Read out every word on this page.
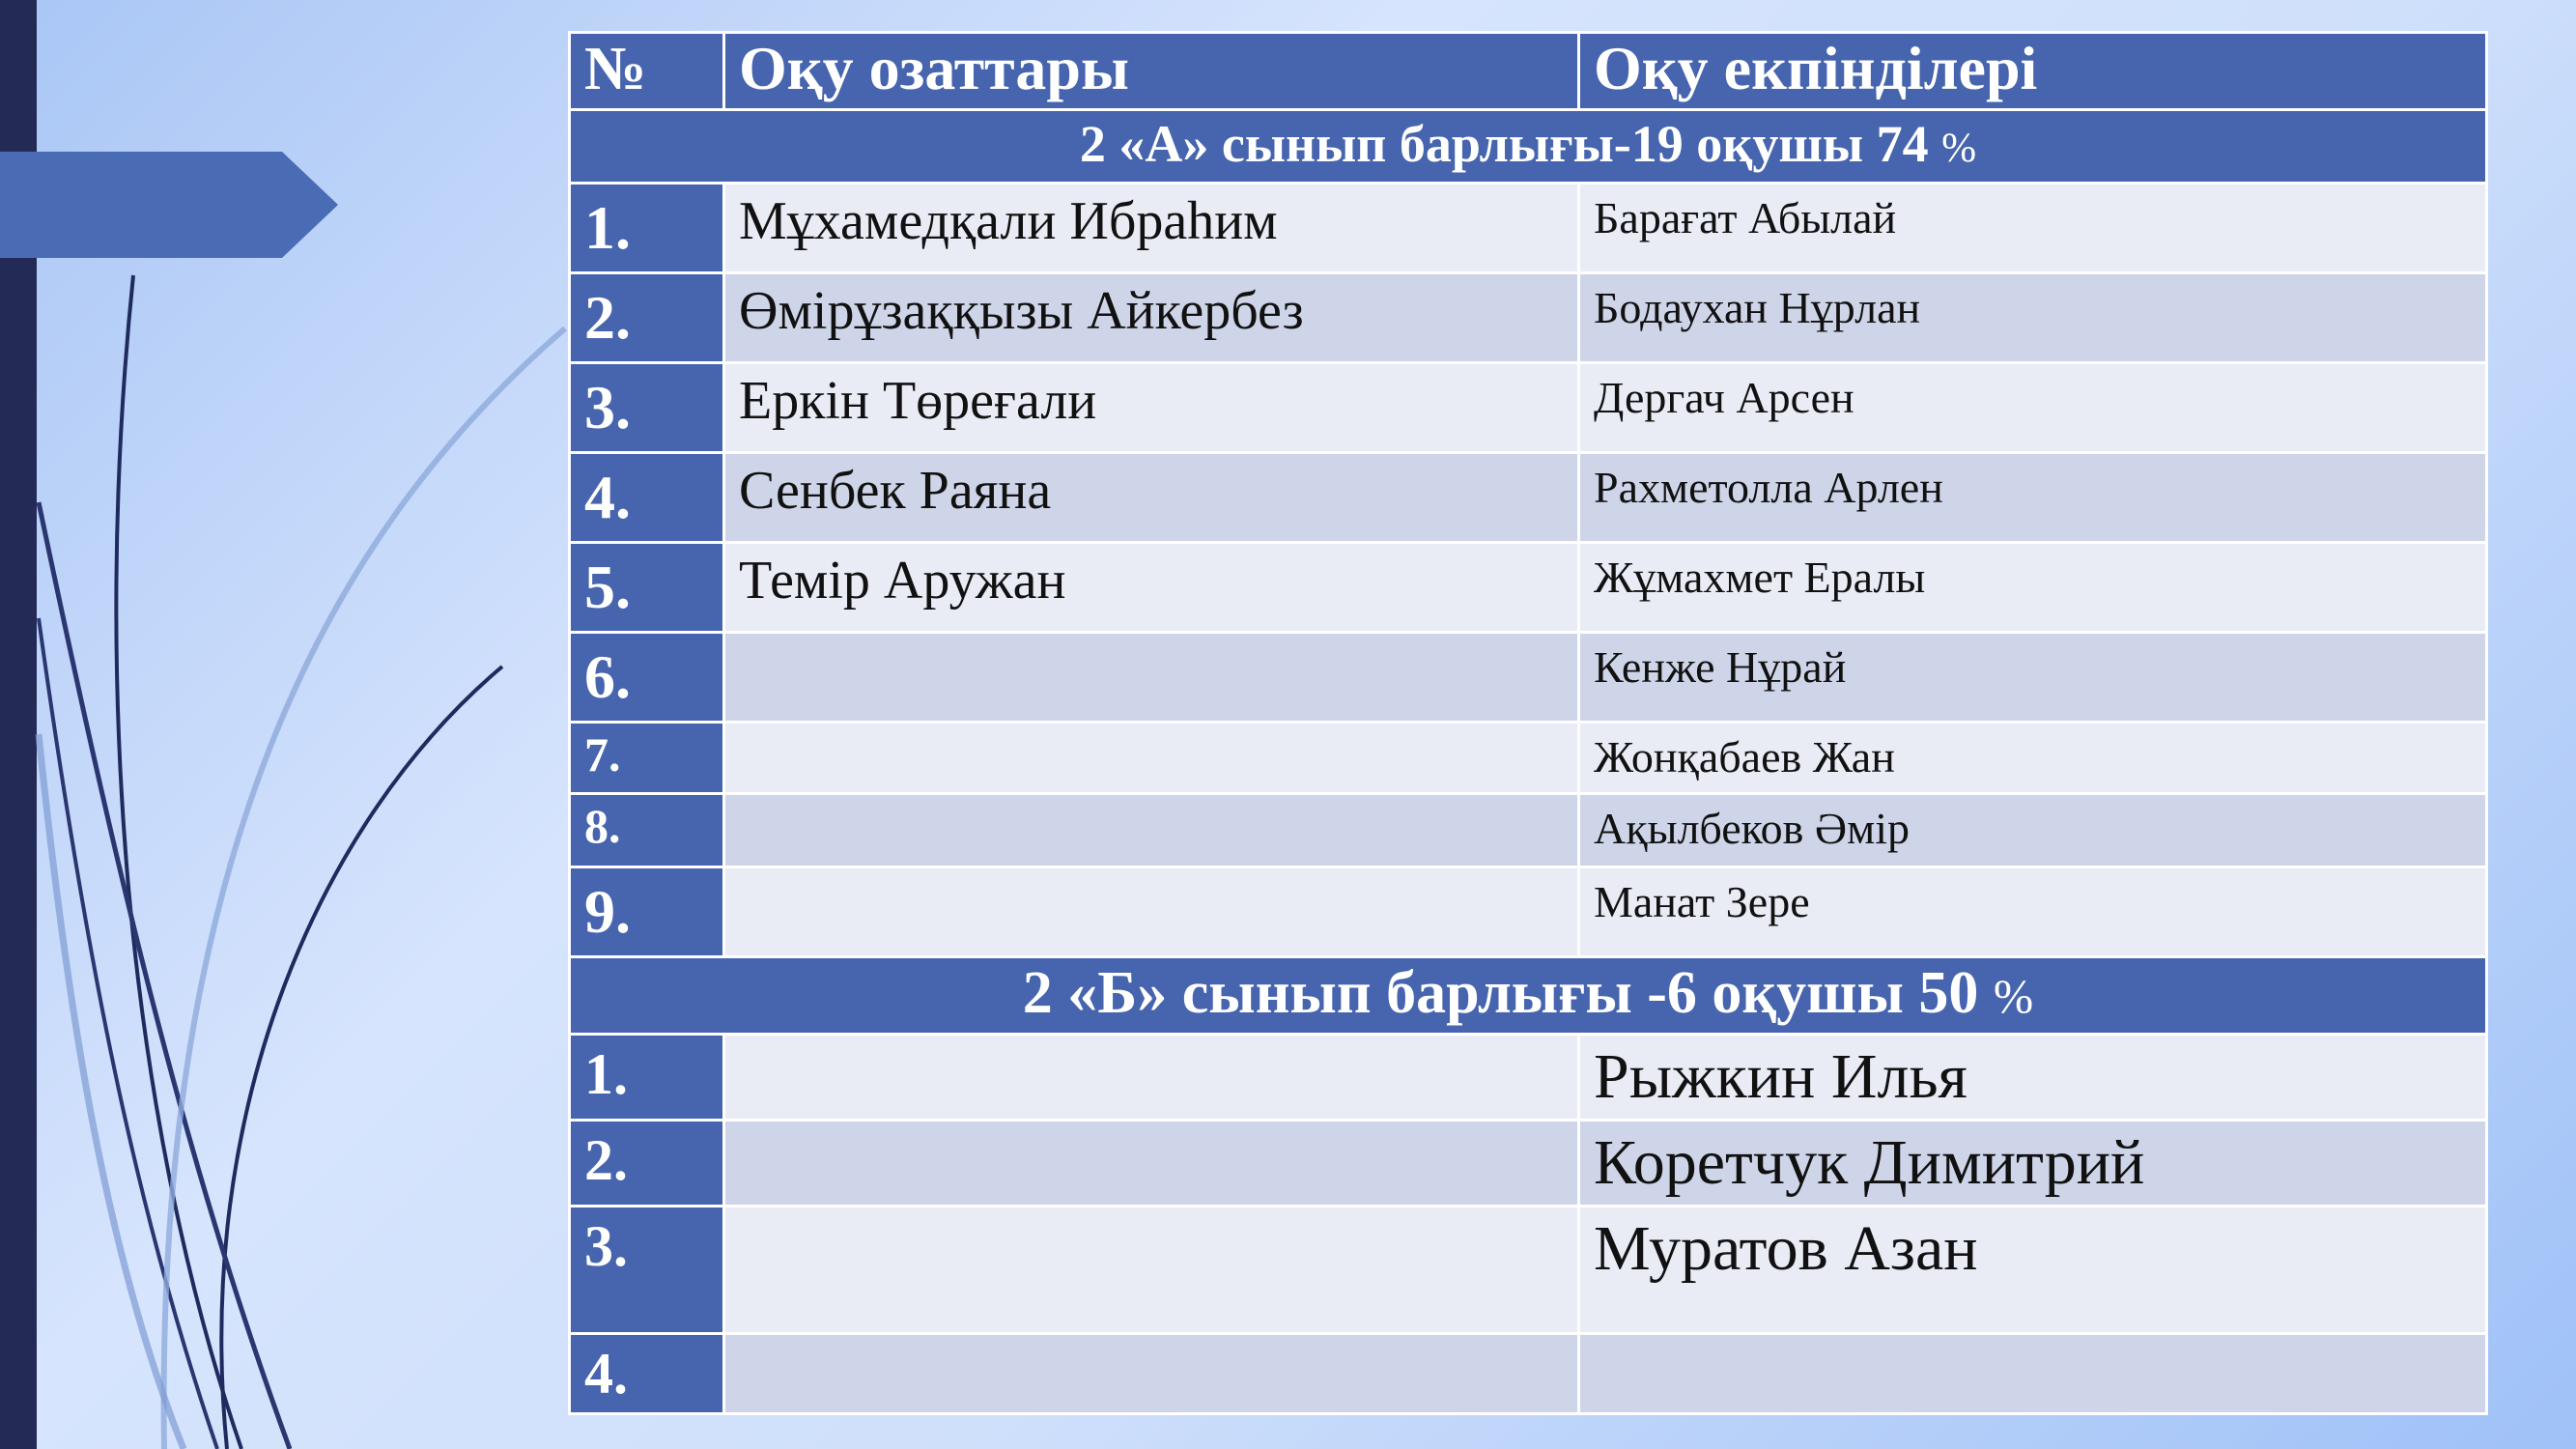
№	Оқу озаттары	Оқу екпінділері
2 «А» сынып барлығы-19 оқушы 74 %		
1.	Мұхамедқали Ибраhим	Барағат Абылай
2.	Өмірұзаққызы Айкербез	Бодаухан Нұрлан
3.	Еркін Төреғали	Дергач Арсен
4.	Сенбек Раяна	Рахметолла Арлен
5.	Темір Аружан	Жұмахмет Ералы
6.		Кенже Нұрай
7.		Жонқабаев Жан
8.		Ақылбеков Әмір
9.		Манат Зере
2 «Б» сынып барлығы -6 оқушы 50 %		
1.		Рыжкин Илья
2.		Коретчук Димитрий
3.		Муратов Азан
4.		
